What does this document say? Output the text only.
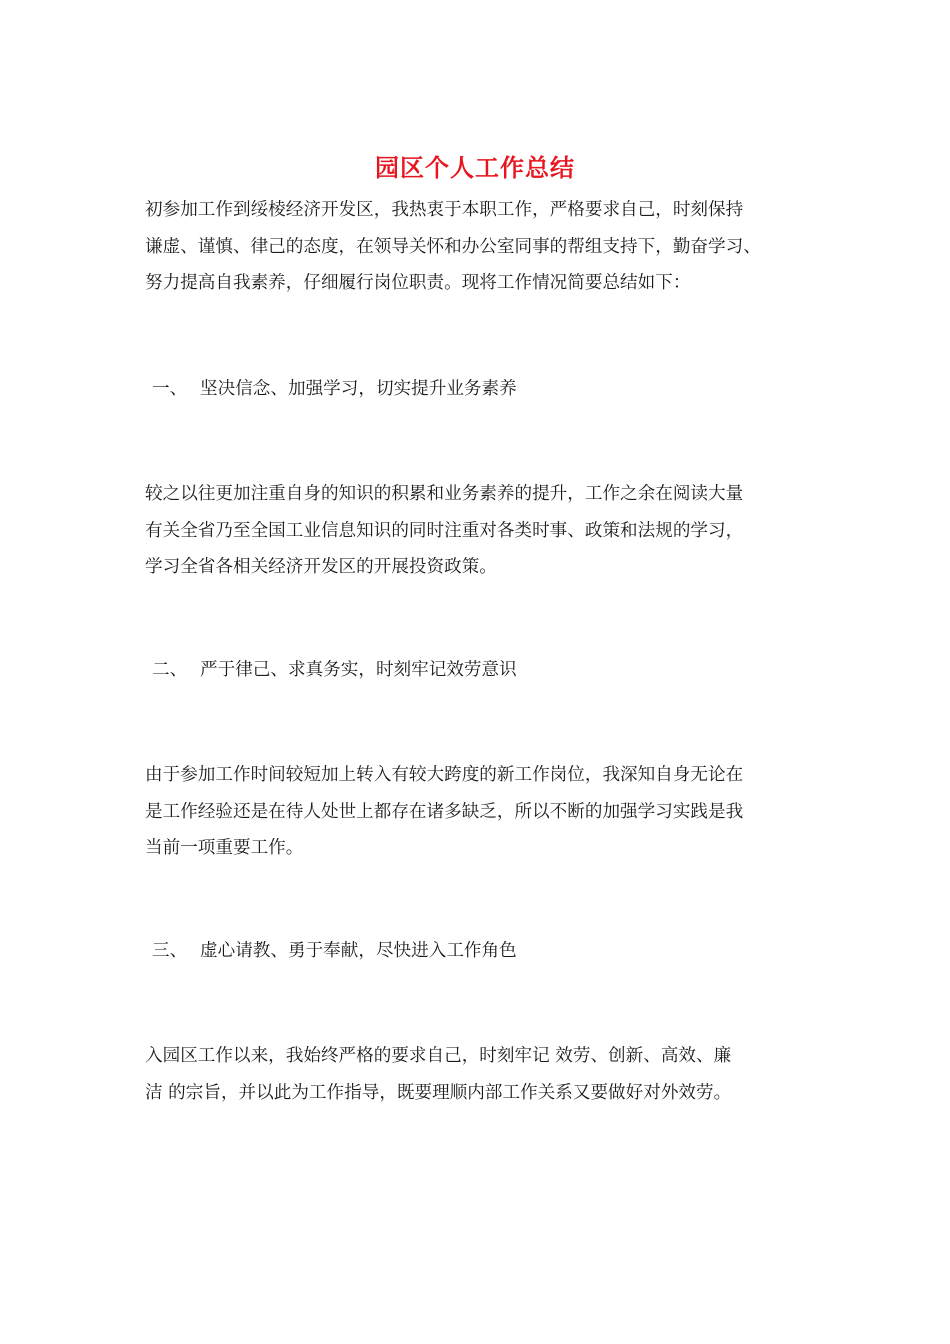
园区个人工作总结

初参加工作到绥棱经济开发区，我热衷于本职工作，严格要求自己，时刻保持
谦虚、谨慎、律己的态度，在领导关怀和办公室同事的帮组支持下，勤奋学习、
努力提高自我素养，仔细履行岗位职责。现将工作情况简要总结如下：

一、 坚决信念、加强学习，切实提升业务素养

较之以往更加注重自身的知识的积累和业务素养的提升，工作之余在阅读大量
有关全省乃至全国工业信息知识的同时注重对各类时事、政策和法规的学习，
学习全省各相关经济开发区的开展投资政策。

二、 严于律己、求真务实，时刻牢记效劳意识

由于参加工作时间较短加上转入有较大跨度的新工作岗位，我深知自身无论在
是工作经验还是在待人处世上都存在诸多缺乏，所以不断的加强学习实践是我
当前一项重要工作。

三、 虚心请教、勇于奉献，尽快进入工作角色

入园区工作以来，我始终严格的要求自己，时刻牢记 效劳、创新、高效、廉
洁 的宗旨，并以此为工作指导，既要理顺内部工作关系又要做好对外效劳。
